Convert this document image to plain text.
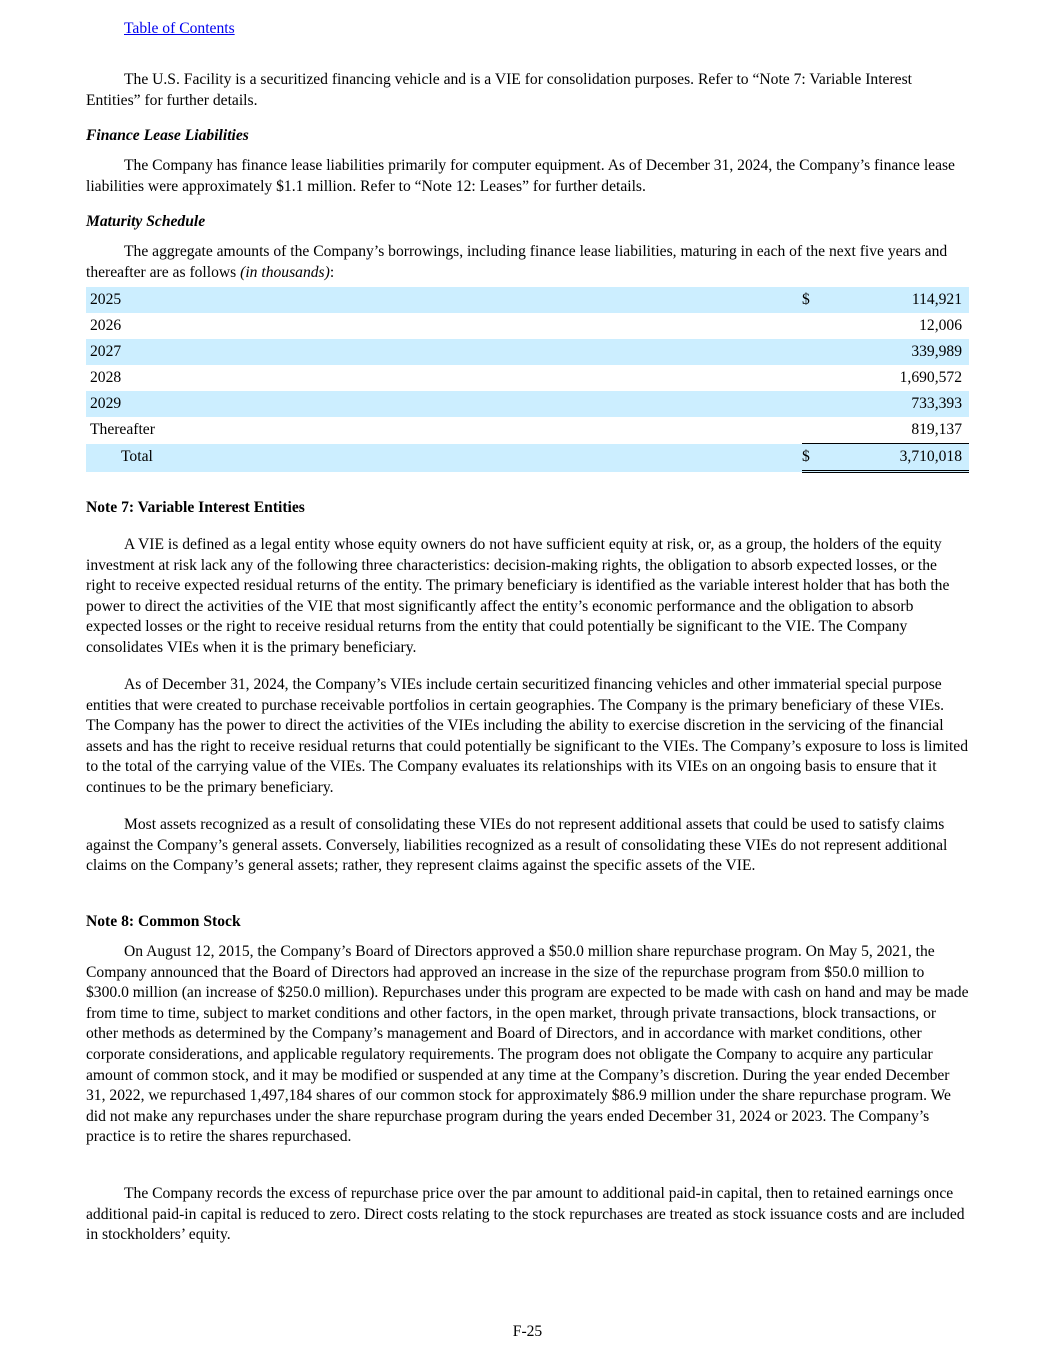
Table of Contents

The U.S. Facility is a securitized financing vehicle and is a VIE for consolidation purposes. Refer to “Note 7: Variable Interest Entities” for further details.

Finance Lease Liabilities

The Company has finance lease liabilities primarily for computer equipment. As of December 31, 2024, the Company’s finance lease liabilities were approximately $1.1 million. Refer to “Note 12: Leases” for further details.

Maturity Schedule

The aggregate amounts of the Company’s borrowings, including finance lease liabilities, maturing in each of the next five years and thereafter are as follows (in thousands):

2025	$	114,921
2026		12,006
2027		339,989
2028		1,690,572
2029		733,393
Thereafter		819,137
Total	$	3,710,018

Note 7: Variable Interest Entities

A VIE is defined as a legal entity whose equity owners do not have sufficient equity at risk, or, as a group, the holders of the equity investment at risk lack any of the following three characteristics: decision-making rights, the obligation to absorb expected losses, or the right to receive expected residual returns of the entity. The primary beneficiary is identified as the variable interest holder that has both the power to direct the activities of the VIE that most significantly affect the entity’s economic performance and the obligation to absorb expected losses or the right to receive residual returns from the entity that could potentially be significant to the VIE. The Company consolidates VIEs when it is the primary beneficiary.

As of December 31, 2024, the Company’s VIEs include certain securitized financing vehicles and other immaterial special purpose entities that were created to purchase receivable portfolios in certain geographies. The Company is the primary beneficiary of these VIEs. The Company has the power to direct the activities of the VIEs including the ability to exercise discretion in the servicing of the financial assets and has the right to receive residual returns that could potentially be significant to the VIEs. The Company’s exposure to loss is limited to the total of the carrying value of the VIEs. The Company evaluates its relationships with its VIEs on an ongoing basis to ensure that it continues to be the primary beneficiary.

Most assets recognized as a result of consolidating these VIEs do not represent additional assets that could be used to satisfy claims against the Company’s general assets. Conversely, liabilities recognized as a result of consolidating these VIEs do not represent additional claims on the Company’s general assets; rather, they represent claims against the specific assets of the VIE.

Note 8: Common Stock

On August 12, 2015, the Company’s Board of Directors approved a $50.0 million share repurchase program. On May 5, 2021, the Company announced that the Board of Directors had approved an increase in the size of the repurchase program from $50.0 million to $300.0 million (an increase of $250.0 million). Repurchases under this program are expected to be made with cash on hand and may be made from time to time, subject to market conditions and other factors, in the open market, through private transactions, block transactions, or other methods as determined by the Company’s management and Board of Directors, and in accordance with market conditions, other corporate considerations, and applicable regulatory requirements. The program does not obligate the Company to acquire any particular amount of common stock, and it may be modified or suspended at any time at the Company’s discretion. During the year ended December 31, 2022, we repurchased 1,497,184 shares of our common stock for approximately $86.9 million under the share repurchase program. We did not make any repurchases under the share repurchase program during the years ended December 31, 2024 or 2023. The Company’s practice is to retire the shares repurchased.

The Company records the excess of repurchase price over the par amount to additional paid-in capital, then to retained earnings once additional paid-in capital is reduced to zero. Direct costs relating to the stock repurchases are treated as stock issuance costs and are included in stockholders’ equity.

F-25
